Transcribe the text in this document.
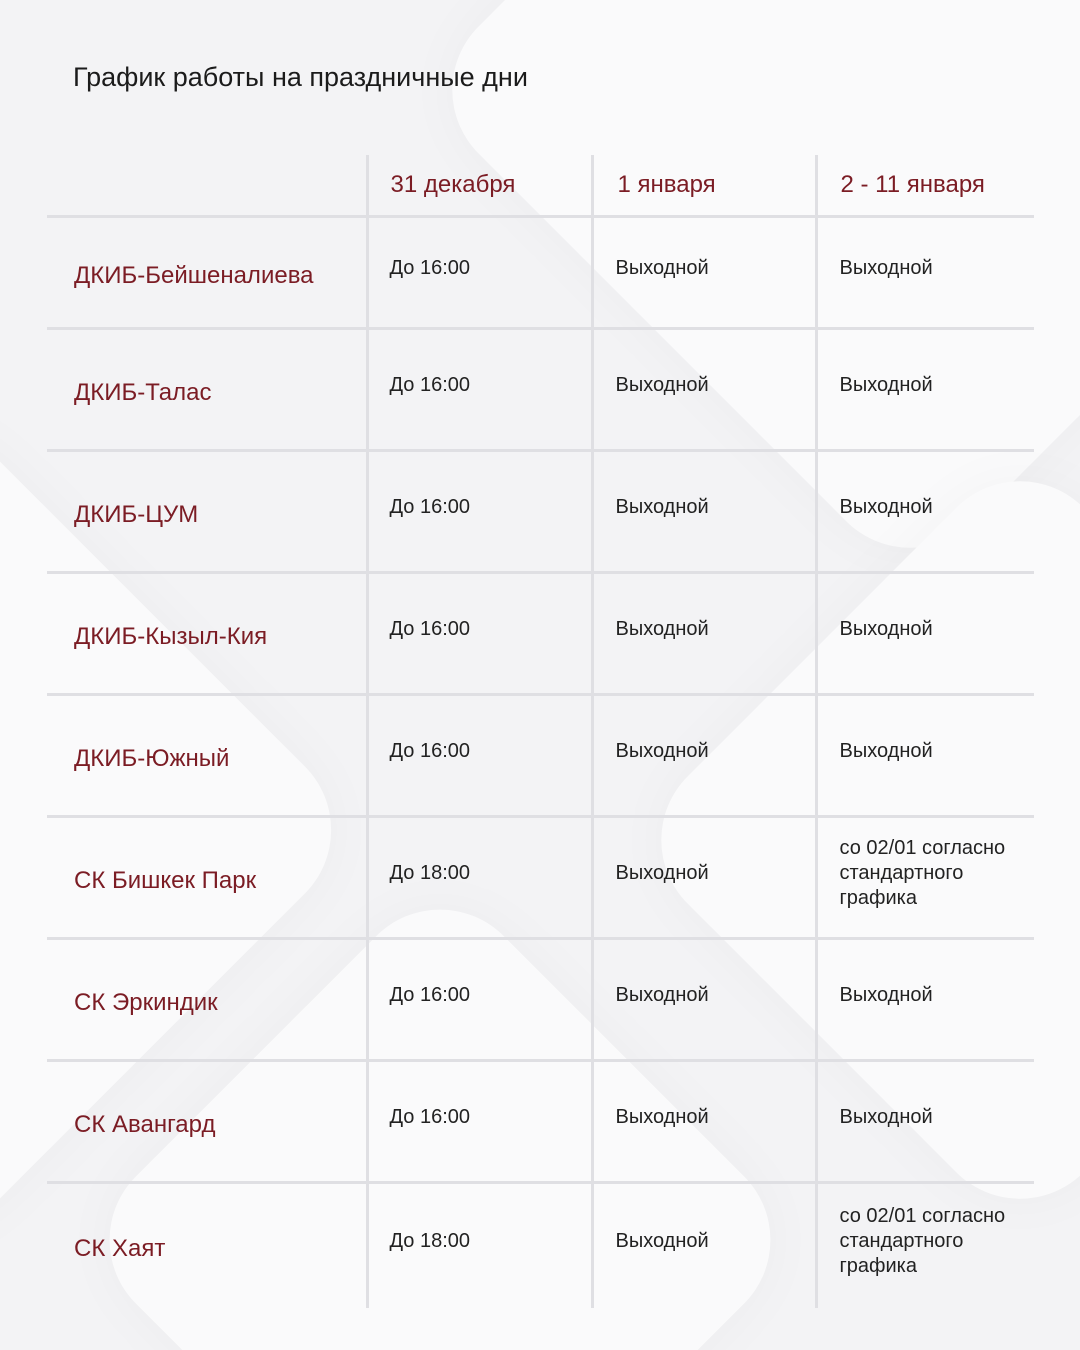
График работы на праздничные дни
	31 декабря	1 января	2 - 11 января
ДКИБ-Бейшеналиева	До 16:00	Выходной	Выходной
ДКИБ-Талас	До 16:00	Выходной	Выходной
ДКИБ-ЦУМ	До 16:00	Выходной	Выходной
ДКИБ-Кызыл-Кия	До 16:00	Выходной	Выходной
ДКИБ-Южный	До 16:00	Выходной	Выходной
СК Бишкек Парк	До 18:00	Выходной	со 02/01 согласно стандартного графика
СК Эркиндик	До 16:00	Выходной	Выходной
СК Авангард	До 16:00	Выходной	Выходной
СК Хаят	До 18:00	Выходной	со 02/01 согласно стандартного графика
